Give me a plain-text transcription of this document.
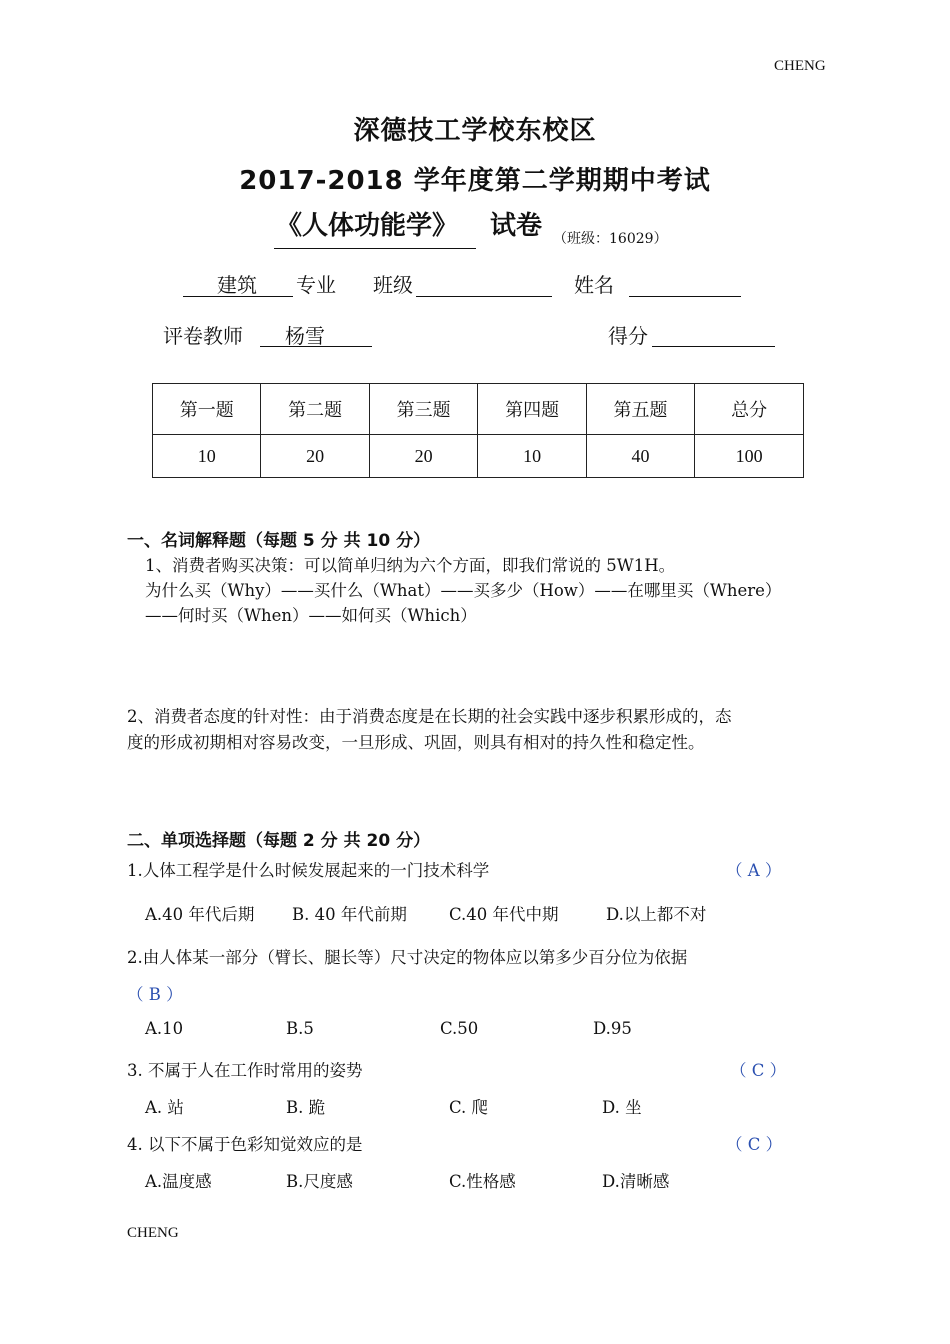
CHENG
CHENG
深德技工学校东校区
2017-2018 学年度第二学期期中考试
《人体功能学》 试卷 （班级：16029）
建筑 专业 班级	姓名
评卷教师 杨雪	得分
第一题	第二题	第三题	第四题	第五题	总分
10	20	20	10	40	100
一、名词解释题（每题 5 分 共 10 分）
1、消费者购买决策：可以简单归纳为六个方面，即我们常说的 5W1H。
为什么买（Why）——买什么（What）——买多少（How）——在哪里买（Where）
——何时买（When）——如何买（Which）
2、消费者态度的针对性：由于消费态度是在长期的社会实践中逐步积累形成的，态
度的形成初期相对容易改变，一旦形成、巩固，则具有相对的持久性和稳定性。
二、单项选择题（每题 2 分 共 20 分）
1.人体工程学是什么时候发展起来的一门技术科学	（ A ）
A.40 年代后期 B. 40 年代前期	C.40 年代中期	D.以上都不对
2.由人体某一部分（臂长、腿长等）尺寸决定的物体应以第多少百分位为依据
（ B ）
A.10	B.5	C.50	D.95
3. 不属于人在工作时常用的姿势	（ C ）
A. 站	B. 跪	C. 爬	D. 坐
4. 以下不属于色彩知觉效应的是	（ C ）
A.温度感	B.尺度感	C.性格感	D.清晰感
